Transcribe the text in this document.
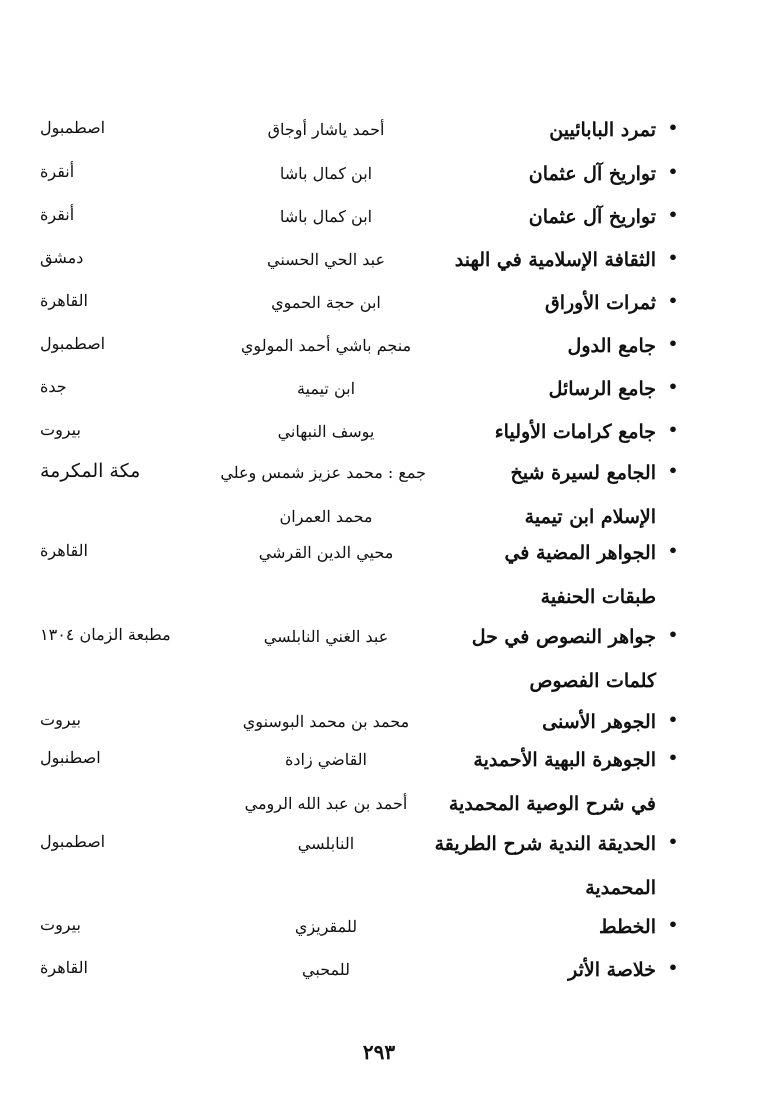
•
تمرد البابائيين
أحمد ياشار أوجاق
اصطمبول
•
تواريخ آل عثمان
ابن كمال باشا
أنقرة
•
تواريخ آل عثمان
ابن كمال باشا
أنقرة
•
الثقافة الإسلامية في الهند
عبد الحي الحسني
دمشق
•
ثمرات الأوراق
ابن حجة الحموي
القاهرة
•
جامع الدول
منجم باشي أحمد المولوي
اصطمبول
•
جامع الرسائل
ابن تيمية
جدة
•
جامع كرامات الأولياء
يوسف النبهاني
بيروت
•
الجامع لسيرة شيخ
الإسلام ابن تيمية
جمع : محمد عزيز شمس وعلي
محمد العمران
مكة المكرمة
•
الجواهر المضية في
طبقات الحنفية
محيي الدين القرشي
القاهرة
•
جواهر النصوص في حل
كلمات الفصوص
عبد الغني النابلسي
مطبعة الزمان ١٣٠٤
•
الجوهر الأسنى
محمد بن محمد البوسنوي
بيروت
•
الجوهرة البهية الأحمدية
في شرح الوصية المحمدية
القاضي زادة
أحمد بن عبد الله الرومي
اصطنبول
•
الحديقة الندية شرح الطريقة
المحمدية
النابلسي
اصطمبول
•
الخطط
للمقريزي
بيروت
•
خلاصة الأثر
للمحبي
القاهرة
٢٩٣
